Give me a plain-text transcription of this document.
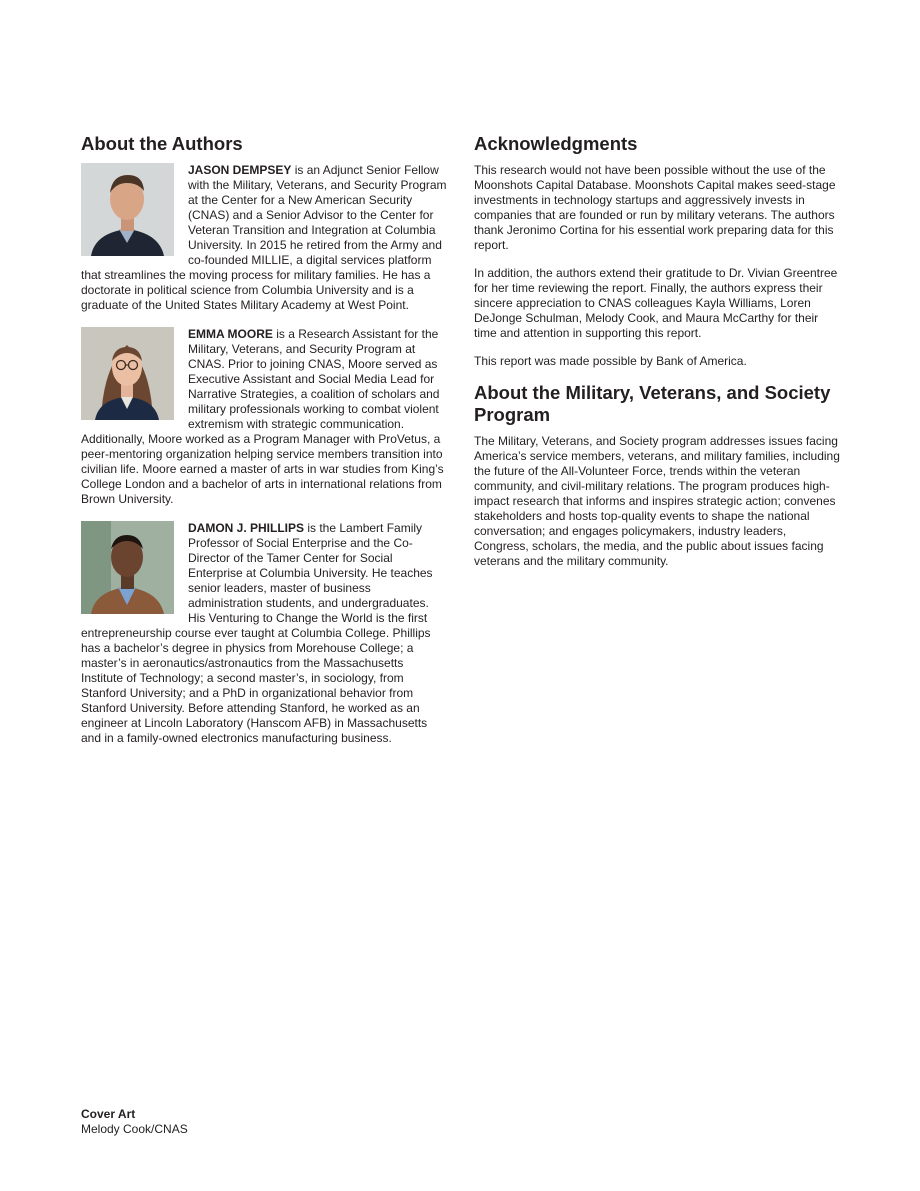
About the Authors

JASON DEMPSEY is an Adjunct Senior Fellow with the Military, Veterans, and Security Program at the Center for a New American Security (CNAS) and a Senior Advisor to the Center for Veteran Transition and Integration at Columbia University. In 2015 he retired from the Army and co-founded MILLIE, a digital services platform that streamlines the moving process for military families. He has a doctorate in political science from Columbia University and is a graduate of the United States Military Academy at West Point.

EMMA MOORE is a Research Assistant for the Military, Veterans, and Security Program at CNAS. Prior to joining CNAS, Moore served as Executive Assistant and Social Media Lead for Narrative Strategies, a coalition of scholars and military professionals working to combat violent extremism with strategic communication. Additionally, Moore worked as a Program Manager with ProVetus, a peer-mentoring organization helping service members transition into civilian life. Moore earned a master of arts in war studies from King’s College London and a bachelor of arts in international relations from Brown University.

DAMON J. PHILLIPS is the Lambert Family Professor of Social Enterprise and the Co-Director of the Tamer Center for Social Enterprise at Columbia University. He teaches senior leaders, master of business administration students, and undergraduates. His Venturing to Change the World is the first entrepreneurship course ever taught at Columbia College. Phillips has a bachelor’s degree in physics from Morehouse College; a master’s in aeronautics/astronautics from the Massachusetts Institute of Technology; a second master’s, in sociology, from Stanford University; and a PhD in organizational behavior from Stanford University. Before attending Stanford, he worked as an engineer at Lincoln Laboratory (Hanscom AFB) in Massachusetts and in a family-owned electronics manufacturing business.

Acknowledgments

This research would not have been possible without the use of the Moonshots Capital Database. Moonshots Capital makes seed-stage investments in technology startups and aggressively invests in companies that are founded or run by military veterans. The authors thank Jeronimo Cortina for his essential work preparing data for this report.

In addition, the authors extend their gratitude to Dr. Vivian Greentree for her time reviewing the report. Finally, the authors express their sincere appreciation to CNAS colleagues Kayla Williams, Loren DeJonge Schulman, Melody Cook, and Maura McCarthy for their time and attention in supporting this report.

This report was made possible by Bank of America.

About the Military, Veterans, and Society Program

The Military, Veterans, and Society program addresses issues facing America’s service members, veterans, and military families, including the future of the All-Volunteer Force, trends within the veteran community, and civil-military relations. The program produces high-impact research that informs and inspires strategic action; convenes stakeholders and hosts top-quality events to shape the national conversation; and engages policymakers, industry leaders, Congress, scholars, the media, and the public about issues facing veterans and the military community.

Cover Art
Melody Cook/CNAS
